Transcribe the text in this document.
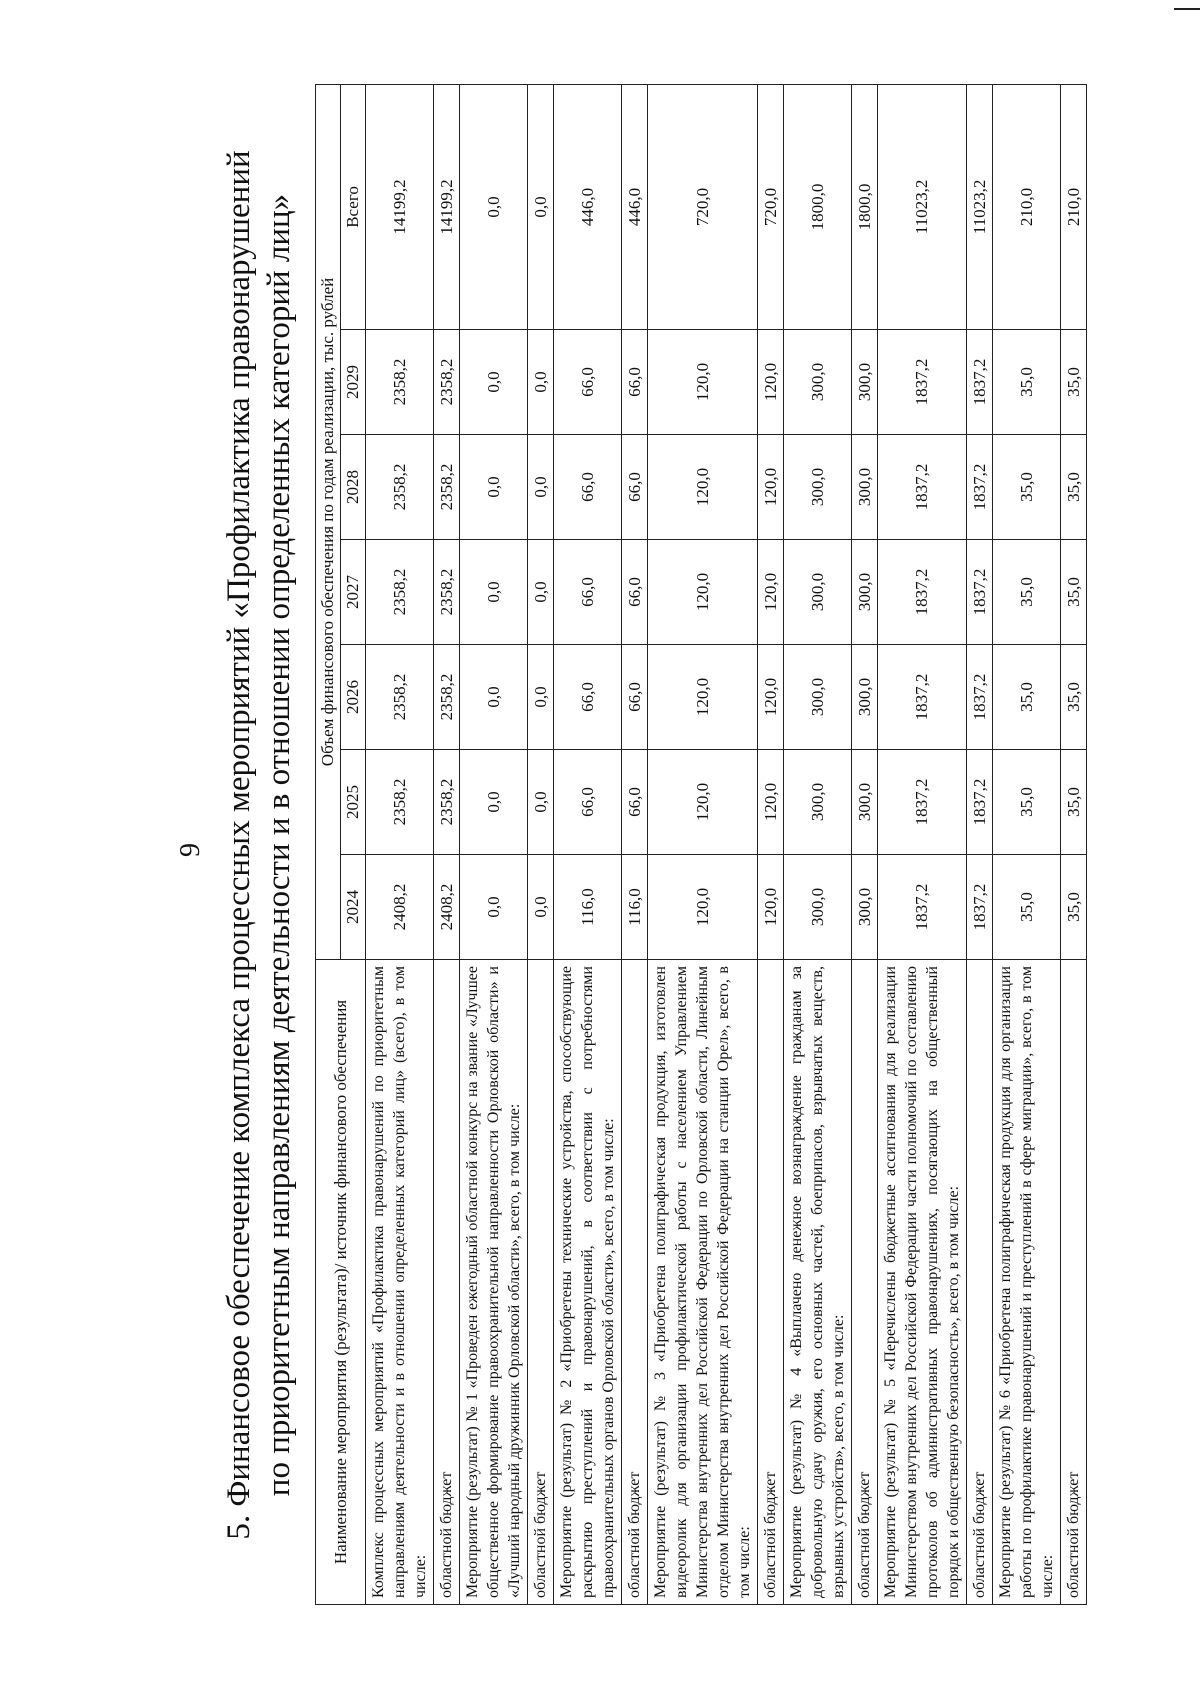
9 5. Финансовое обеспечение комплекса процессных мероприятий «Профилактика правонарушений по приоритетным направлениям деятельности и в отношении определенных категорий лиц» Наименование мероприятия (результата)/ источник финансового обеспечения	Объем финансового обеспечения по годам реализации, тыс. рублей						
	2024	2025	2026	2027	2028	2029	Всего
Комплекс процессных мероприятий «Профилактика правонарушений по приоритетным направлениям деятельности и в отношении определенных категорий лиц» (всего), в том числе:	2408,2	2358,2	2358,2	2358,2	2358,2	2358,2	14199,2
областной бюджет	2408,2	2358,2	2358,2	2358,2	2358,2	2358,2	14199,2
Мероприятие (результат) № 1 «Проведен ежегодный областной конкурс на звание «Лучшее общественное формирование правоохранительной направленности Орловской области» и «Лучший народный дружинник Орловской области», всего, в том числе:	0,0	0,0	0,0	0,0	0,0	0,0	0,0
областной бюджет	0,0	0,0	0,0	0,0	0,0	0,0	0,0
Мероприятие (результат) № 2 «Приобретены технические устройства, способствующие раскрытию преступлений и правонарушений, в соответствии с потребностями правоохранительных органов Орловской области», всего, в том числе:	116,0	66,0	66,0	66,0	66,0	66,0	446,0
областной бюджет	116,0	66,0	66,0	66,0	66,0	66,0	446,0
Мероприятие (результат) № 3 «Приобретена полиграфическая продукция, изготовлен видеоролик для организации профилактической работы с населением Управлением Министерства внутренних дел Российской Федерации по Орловской области, Линейным отделом Министерства внутренних дел Российской Федерации на станции Орел», всего, в том числе:	120,0	120,0	120,0	120,0	120,0	120,0	720,0
областной бюджет	120,0	120,0	120,0	120,0	120,0	120,0	720,0
Мероприятие (результат) № 4 «Выплачено денежное вознаграждение гражданам за добровольную сдачу оружия, его основных частей, боеприпасов, взрывчатых веществ, взрывных устройств», всего, в том числе:	300,0	300,0	300,0	300,0	300,0	300,0	1800,0
областной бюджет	300,0	300,0	300,0	300,0	300,0	300,0	1800,0
Мероприятие (результат) № 5 «Перечислены бюджетные ассигнования для реализации Министерством внутренних дел Российской Федерации части полномочий по составлению протоколов об административных правонарушениях, посягающих на общественный порядок и общественную безопасность», всего, в том числе:	1837,2	1837,2	1837,2	1837,2	1837,2	1837,2	11023,2
областной бюджет	1837,2	1837,2	1837,2	1837,2	1837,2	1837,2	11023,2
Мероприятие (результат) № 6 «Приобретена полиграфическая продукция для организации работы по профилактике правонарушений и преступлений в сфере миграции», всего, в том числе:	35,0	35,0	35,0	35,0	35,0	35,0	210,0
областной бюджет	35,0	35,0	35,0	35,0	35,0	35,0	210,0
